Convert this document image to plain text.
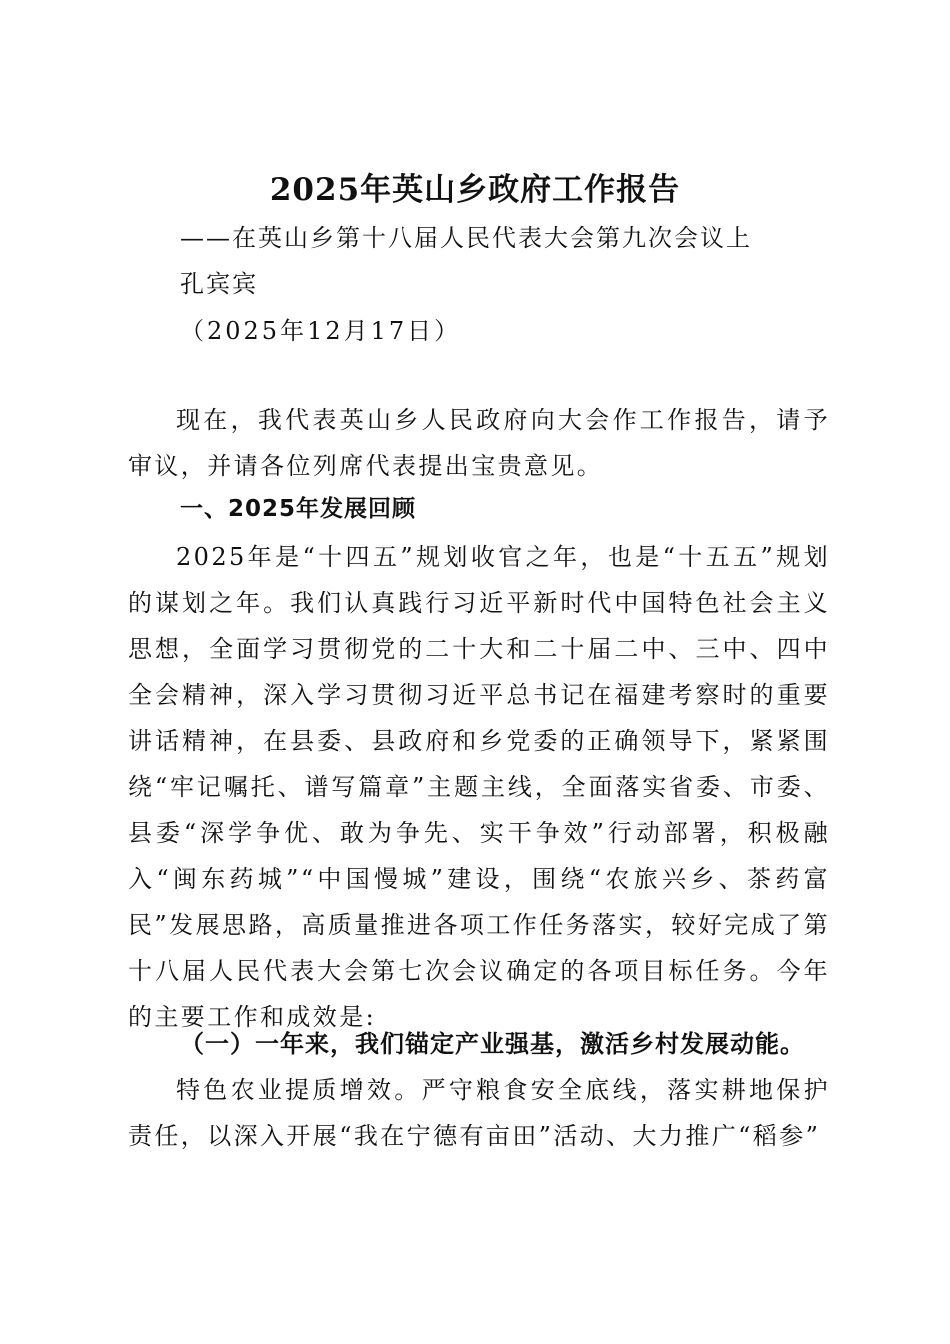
2025年英山乡政府工作报告
——在英山乡第十八届人民代表大会第九次会议上
孔宾宾
（2025年12月17日）

现在，我代表英山乡人民政府向大会作工作报告，请予审议，并请各位列席代表提出宝贵意见。

一、2025年发展回顾

2025年是“十四五”规划收官之年，也是“十五五”规划的谋划之年。我们认真践行习近平新时代中国特色社会主义思想，全面学习贯彻党的二十大和二十届二中、三中、四中全会精神，深入学习贯彻习近平总书记在福建考察时的重要讲话精神，在县委、县政府和乡党委的正确领导下，紧紧围绕“牢记嘱托、谱写篇章”主题主线，全面落实省委、市委、县委“深学争优、敢为争先、实干争效”行动部署，积极融入“闽东药城”“中国慢城”建设，围绕“农旅兴乡、茶药富民”发展思路，高质量推进各项工作任务落实，较好完成了第十八届人民代表大会第七次会议确定的各项目标任务。今年的主要工作和成效是:

（一）一年来，我们锚定产业强基，激活乡村发展动能。

特色农业提质增效。严守粮食安全底线，落实耕地保护责任，以深入开展“我在宁德有亩田”活动、大力推广“稻参”
